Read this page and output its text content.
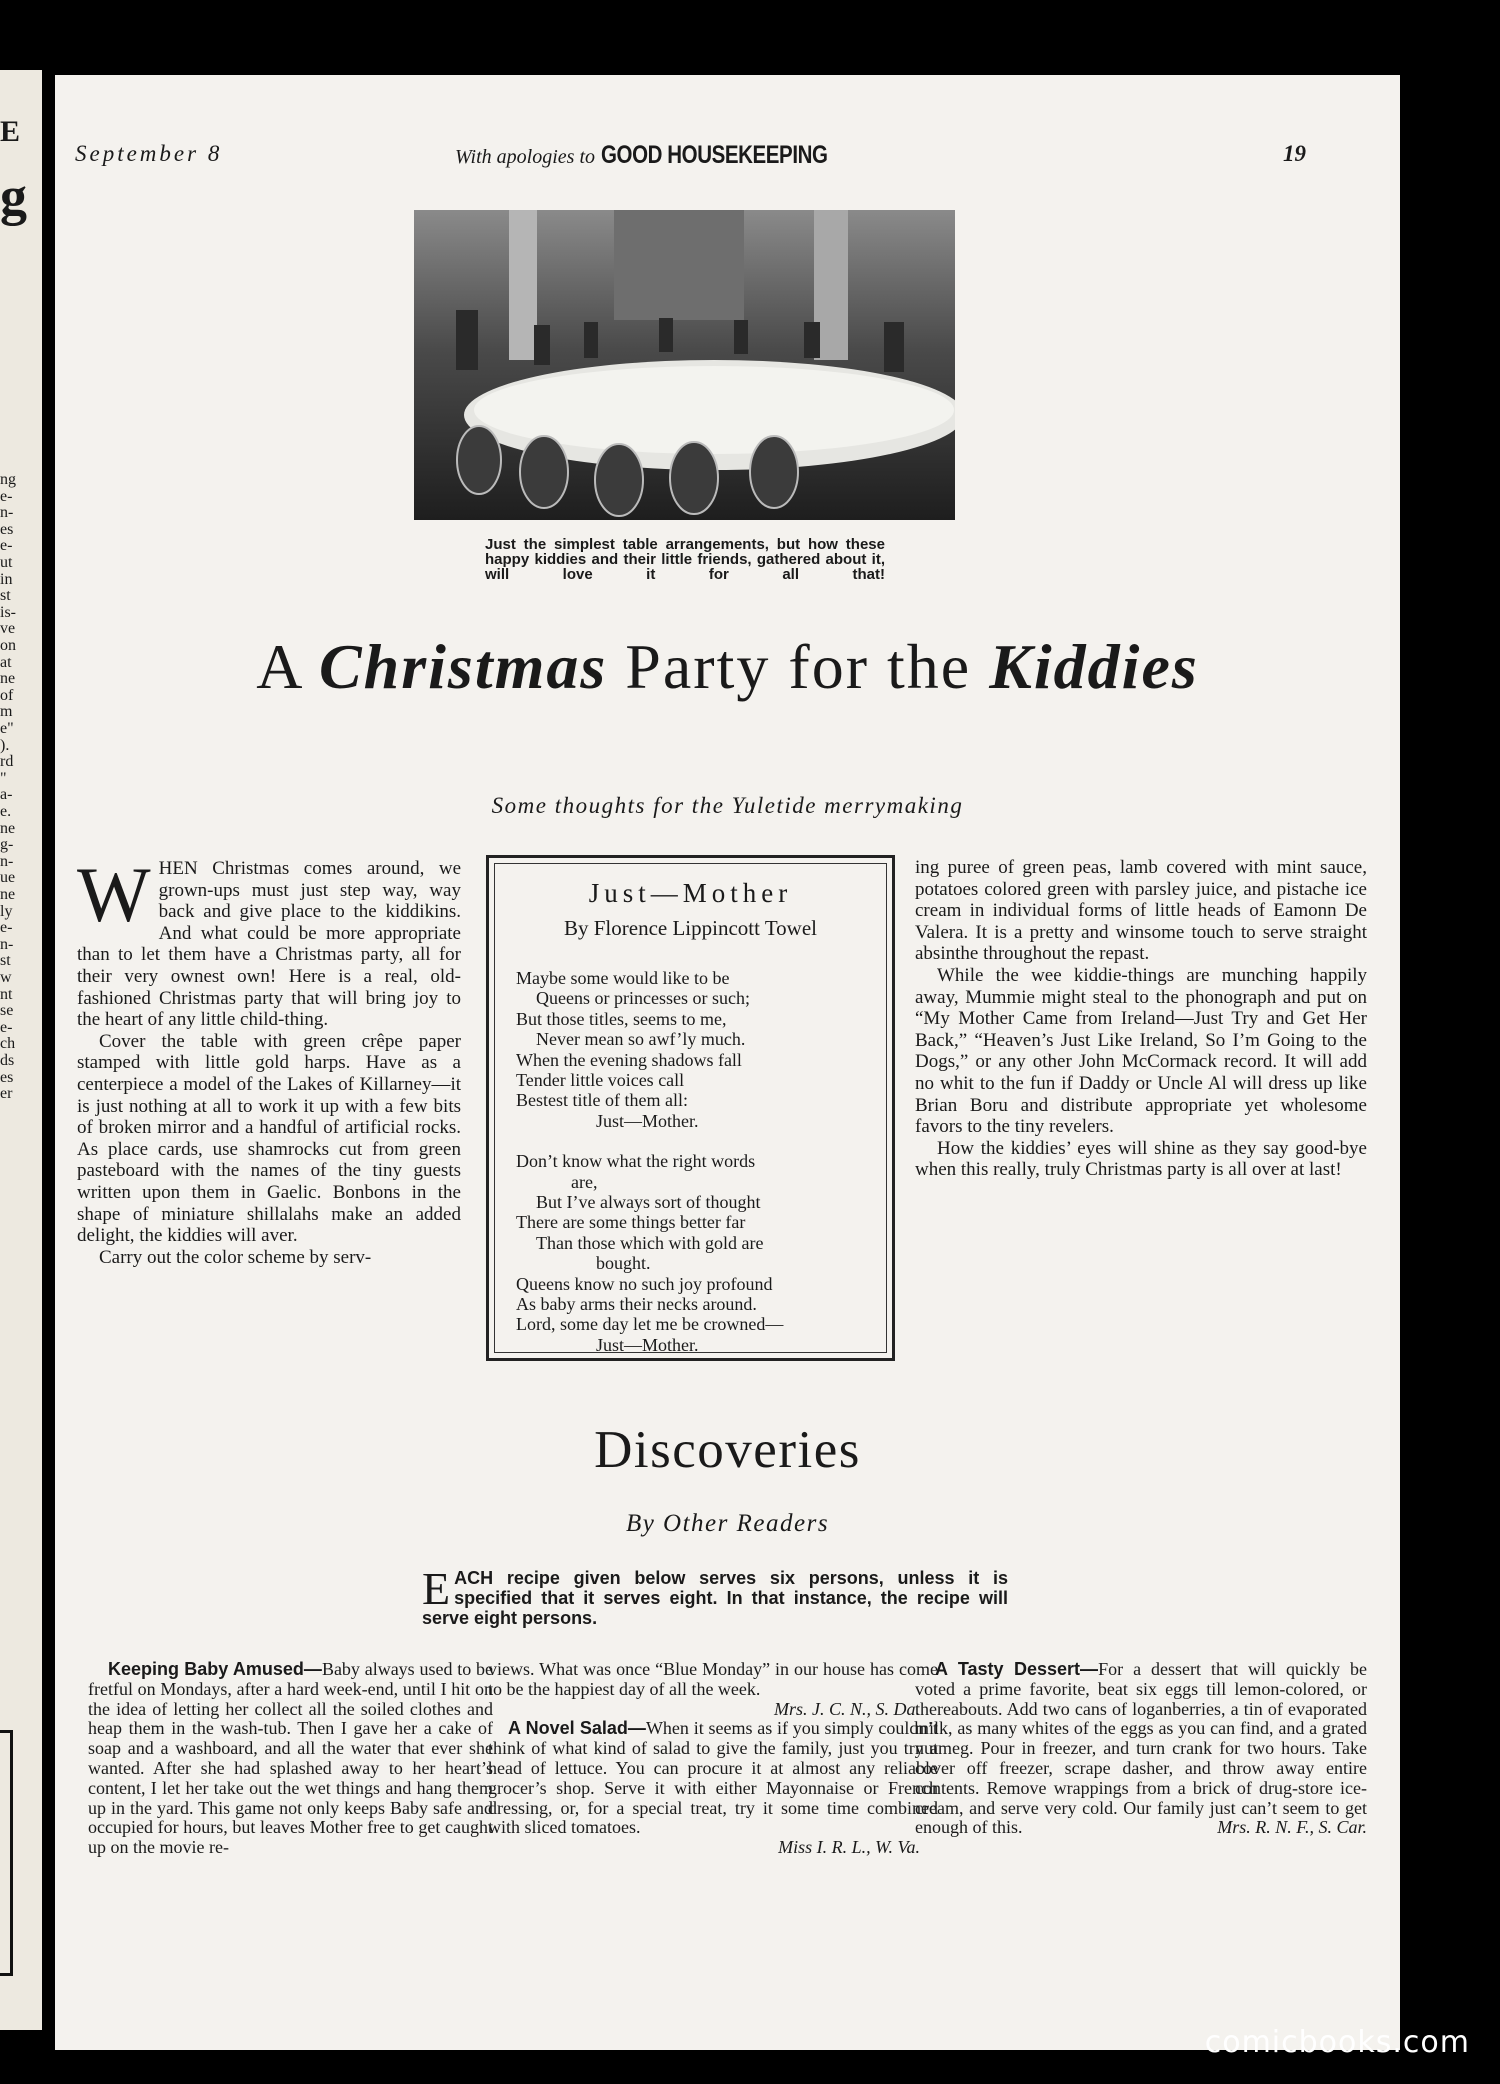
E
g
ng
e-
n-
es
e-
ut
in
st
is-
ve
on
at
ne
of
m
e"
).
rd
"
a-
e.
ne
g-
n-
ue
ne
ly
e-
n-
st
w
nt
se
e-
ch
ds
es
er
September 8	With apologies to GOOD HOUSEKEEPING	19
Just the simplest table arrangements, but how these happy kiddies and their little friends, gathered about it, will love it for all that!
A Christmas Party for the Kiddies
Some thoughts for the Yuletide merrymaking

WHEN Christmas comes around, we grown-ups must just step way, way back and give place to the kiddikins. And what could be more appropriate than to let them have a Christmas party, all for their very ownest own! Here is a real, old-fashioned Christmas party that will bring joy to the heart of any little child-thing.

Cover the table with green crêpe paper stamped with little gold harps. Have as a centerpiece a model of the Lakes of Killarney—it is just nothing at all to work it up with a few bits of broken mirror and a handful of artificial rocks. As place cards, use shamrocks cut from green pasteboard with the names of the tiny guests written upon them in Gaelic. Bonbons in the shape of miniature shillalahs make an added delight, the kiddies will aver.

Carry out the color scheme by serv-

Just—Mother
By Florence Lippincott Towel
Maybe some would like to be
Queens or princesses or such;
But those titles, seems to me,
Never mean so awf’ly much.
When the evening shadows fall
Tender little voices call
Bestest title of them all:
Just—Mother.
Don’t know what the right words
are,
But I’ve always sort of thought
There are some things better far
Than those which with gold are
bought.
Queens know no such joy profound
As baby arms their necks around.
Lord, some day let me be crowned—
Just—Mother.

ing puree of green peas, lamb covered with mint sauce, potatoes colored green with parsley juice, and pistache ice cream in individual forms of little heads of Eamonn De Valera. It is a pretty and winsome touch to serve straight absinthe throughout the repast.

While the wee kiddie-things are munching happily away, Mummie might steal to the phonograph and put on “My Mother Came from Ireland—Just Try and Get Her Back,” “Heaven’s Just Like Ireland, So I’m Going to the Dogs,” or any other John McCormack record. It will add no whit to the fun if Daddy or Uncle Al will dress up like Brian Boru and distribute appropriate yet wholesome favors to the tiny revelers.

How the kiddies’ eyes will shine as they say good-bye when this really, truly Christmas party is all over at last!

Discoveries
By Other Readers
EACH recipe given below serves six persons, unless it is specified that it serves eight. In that instance, the recipe will serve eight persons.

Keeping Baby Amused—Baby always used to be fretful on Mondays, after a hard week-end, until I hit on the idea of letting her collect all the soiled clothes and heap them in the wash-tub. Then I gave her a cake of soap and a washboard, and all the water that ever she wanted. After she had splashed away to her heart’s content, I let her take out the wet things and hang them up in the yard. This game not only keeps Baby safe and occupied for hours, but leaves Mother free to get caught up on the movie re-

views. What was once “Blue Monday” in our house has come to be the happiest day of all the week.

Mrs. J. C. N., S. Da.

A Novel Salad—When it seems as if you simply couldn’t think of what kind of salad to give the family, just you try a head of lettuce. You can procure it at almost any reliable grocer’s shop. Serve it with either Mayonnaise or French dressing, or, for a special treat, try it some time combined with sliced tomatoes.

Miss I. R. L., W. Va.

A Tasty Dessert—For a dessert that will quickly be voted a prime favorite, beat six eggs till lemon-colored, or thereabouts. Add two cans of loganberries, a tin of evaporated milk, as many whites of the eggs as you can find, and a grated nutmeg. Pour in freezer, and turn crank for two hours. Take cover off freezer, scrape dasher, and throw away entire contents. Remove wrappings from a brick of drug-store ice-cream, and serve very cold. Our family just can’t seem to get enough of this.	Mrs. R. N. F., S. Car.

comicbooks.com
